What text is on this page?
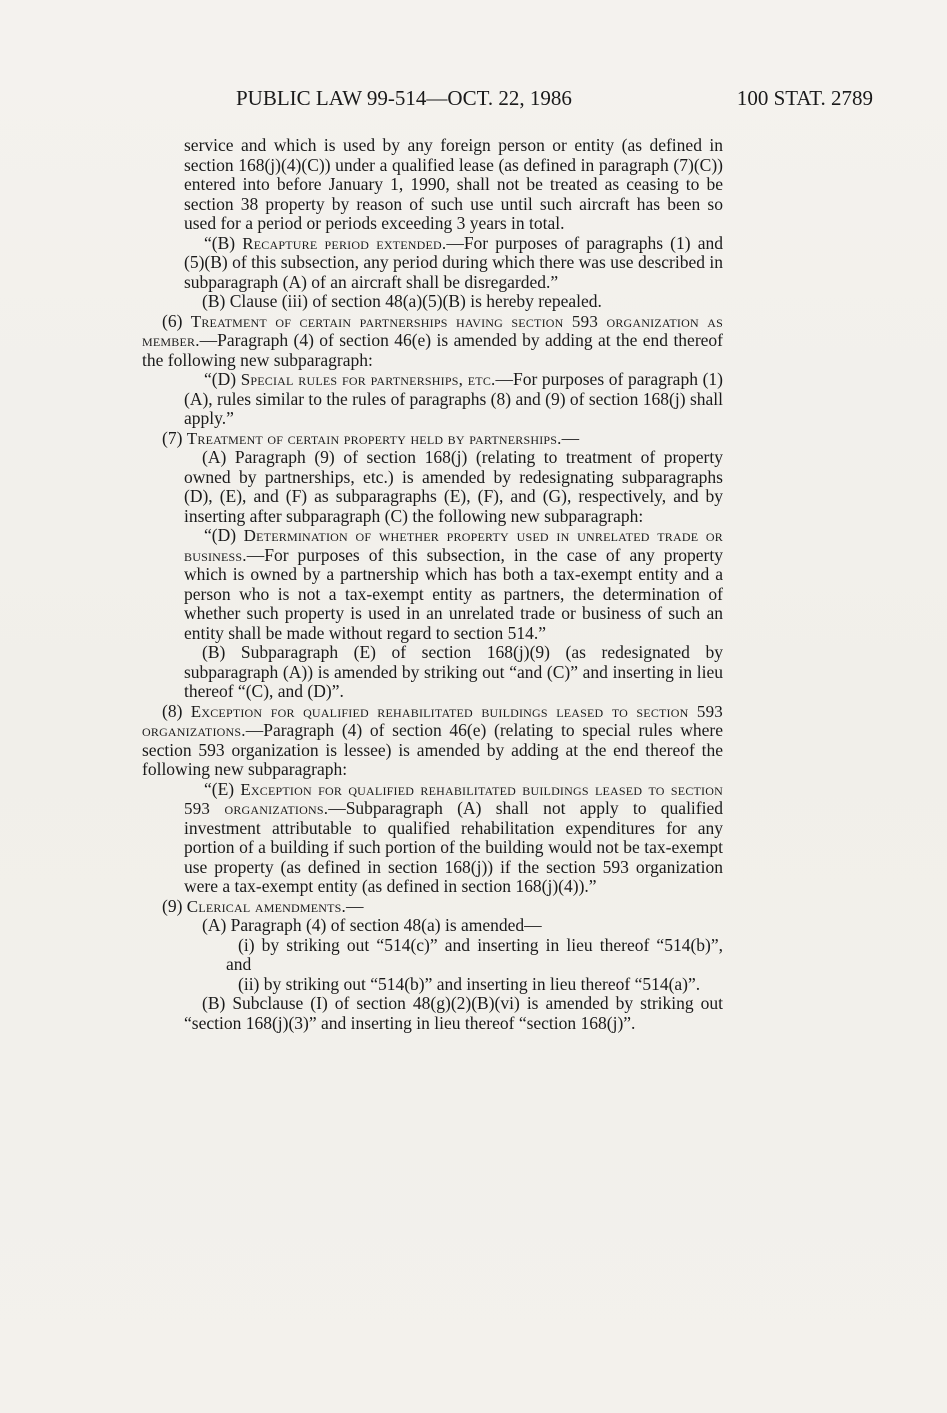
PUBLIC LAW 99-514—OCT. 22, 1986	100 STAT. 2789

service and which is used by any foreign person or entity (as defined in section 168(j)(4)(C)) under a qualified lease (as defined in paragraph (7)(C)) entered into before January 1, 1990, shall not be treated as ceasing to be section 38 property by reason of such use until such aircraft has been so used for a period or periods exceeding 3 years in total.

“(B) Recapture period extended.—For purposes of paragraphs (1) and (5)(B) of this subsection, any period during which there was use described in subparagraph (A) of an aircraft shall be disregarded.”

(B) Clause (iii) of section 48(a)(5)(B) is hereby repealed.

(6) Treatment of certain partnerships having section 593 organization as member.—Paragraph (4) of section 46(e) is amended by adding at the end thereof the following new subparagraph:

“(D) Special rules for partnerships, etc.—For purposes of paragraph (1)(A), rules similar to the rules of paragraphs (8) and (9) of section 168(j) shall apply.”

(7) Treatment of certain property held by partnerships.—

(A) Paragraph (9) of section 168(j) (relating to treatment of property owned by partnerships, etc.) is amended by redesignating subparagraphs (D), (E), and (F) as subparagraphs (E), (F), and (G), respectively, and by inserting after subparagraph (C) the following new subparagraph:

“(D) Determination of whether property used in unrelated trade or business.—For purposes of this subsection, in the case of any property which is owned by a partnership which has both a tax-exempt entity and a person who is not a tax-exempt entity as partners, the determination of whether such property is used in an unrelated trade or business of such an entity shall be made without regard to section 514.”

(B) Subparagraph (E) of section 168(j)(9) (as redesignated by subparagraph (A)) is amended by striking out “and (C)” and inserting in lieu thereof “(C), and (D)”.

(8) Exception for qualified rehabilitated buildings leased to section 593 organizations.—Paragraph (4) of section 46(e) (relating to special rules where section 593 organization is lessee) is amended by adding at the end thereof the following new subparagraph:

“(E) Exception for qualified rehabilitated buildings leased to section 593 organizations.—Subparagraph (A) shall not apply to qualified investment attributable to qualified rehabilitation expenditures for any portion of a building if such portion of the building would not be tax-exempt use property (as defined in section 168(j)) if the section 593 organization were a tax-exempt entity (as defined in section 168(j)(4)).”

(9) Clerical amendments.—

(A) Paragraph (4) of section 48(a) is amended—

(i) by striking out “514(c)” and inserting in lieu thereof “514(b)”, and

(ii) by striking out “514(b)” and inserting in lieu thereof “514(a)”.

(B) Subclause (I) of section 48(g)(2)(B)(vi) is amended by striking out “section 168(j)(3)” and inserting in lieu thereof “section 168(j)”.
